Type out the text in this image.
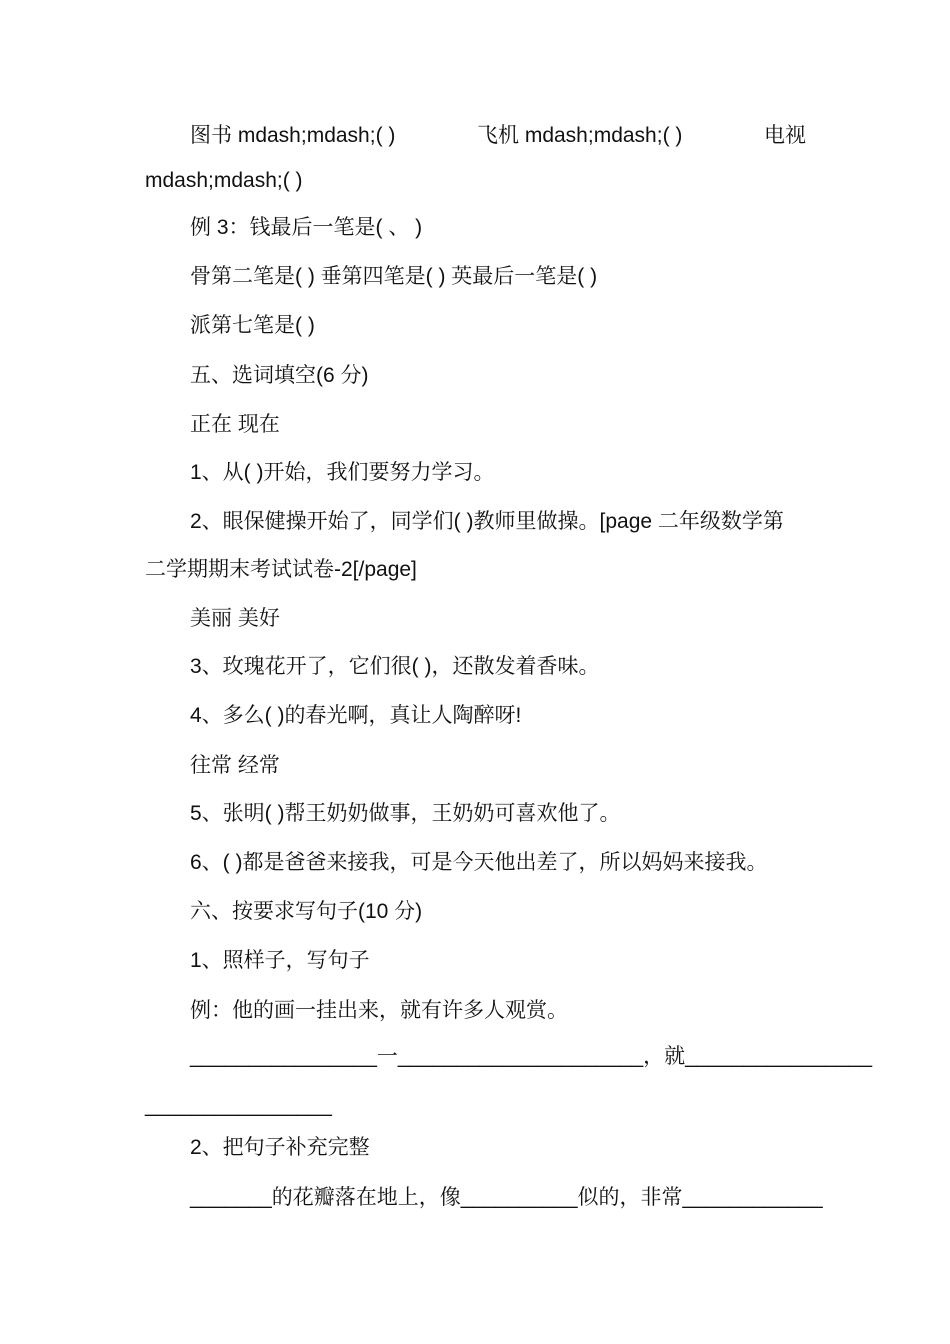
图书 mdash;mdash;( )	飞机 mdash;mdash;( )	电视
mdash;mdash;( )
例 3：钱最后一笔是( 、 )
骨第二笔是( ) 垂第四笔是( ) 英最后一笔是( )
派第七笔是( )
五、选词填空(6 分)
正在 现在
1、从( )开始，我们要努力学习。
2、眼保健操开始了，同学们( )教师里做操。[page 二年级数学第
二学期期末考试试卷-2[/page]
美丽 美好
3、玫瑰花开了，它们很( )，还散发着香味。
4、多么( )的春光啊，真让人陶醉呀!
往常 经常
5、张明( )帮王奶奶做事，王奶奶可喜欢他了。
6、( )都是爸爸来接我，可是今天他出差了，所以妈妈来接我。
六、按要求写句子(10 分)
1、照样子，写句子
例：他的画一挂出来，就有许多人观赏。
________________一_____________________，就________________
________________
2、把句子补充完整
_______的花瓣落在地上，像__________似的，非常____________
